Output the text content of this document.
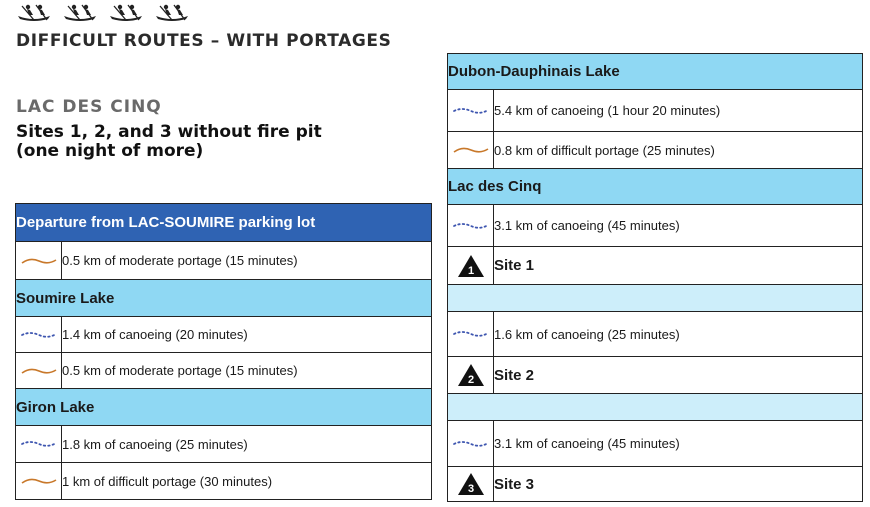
DIFFICULT ROUTES – WITH PORTAGES
LAC DES CINQ
Sites 1, 2, and 3 without fire pit
(one night of more)
Departure from LAC-SOUMIRE parking lot	

	0.5 km of moderate portage (15 minutes)
Soumire Lake	

	1.4 km of canoeing (20 minutes)

	0.5 km of moderate portage (15 minutes)
Giron Lake	

	1.8 km of canoeing (25 minutes)

	1 km of difficult portage (30 minutes)
Dubon-Dauphinais Lake	

	5.4 km of canoeing (1 hour 20 minutes)

	0.8 km of difficult portage (25 minutes)
Lac des Cinq	

	3.1 km of canoeing (45 minutes)

1	Site 1

	1.6 km of canoeing (25 minutes)

2	Site 2

	3.1 km of canoeing (45 minutes)

3	Site 3
